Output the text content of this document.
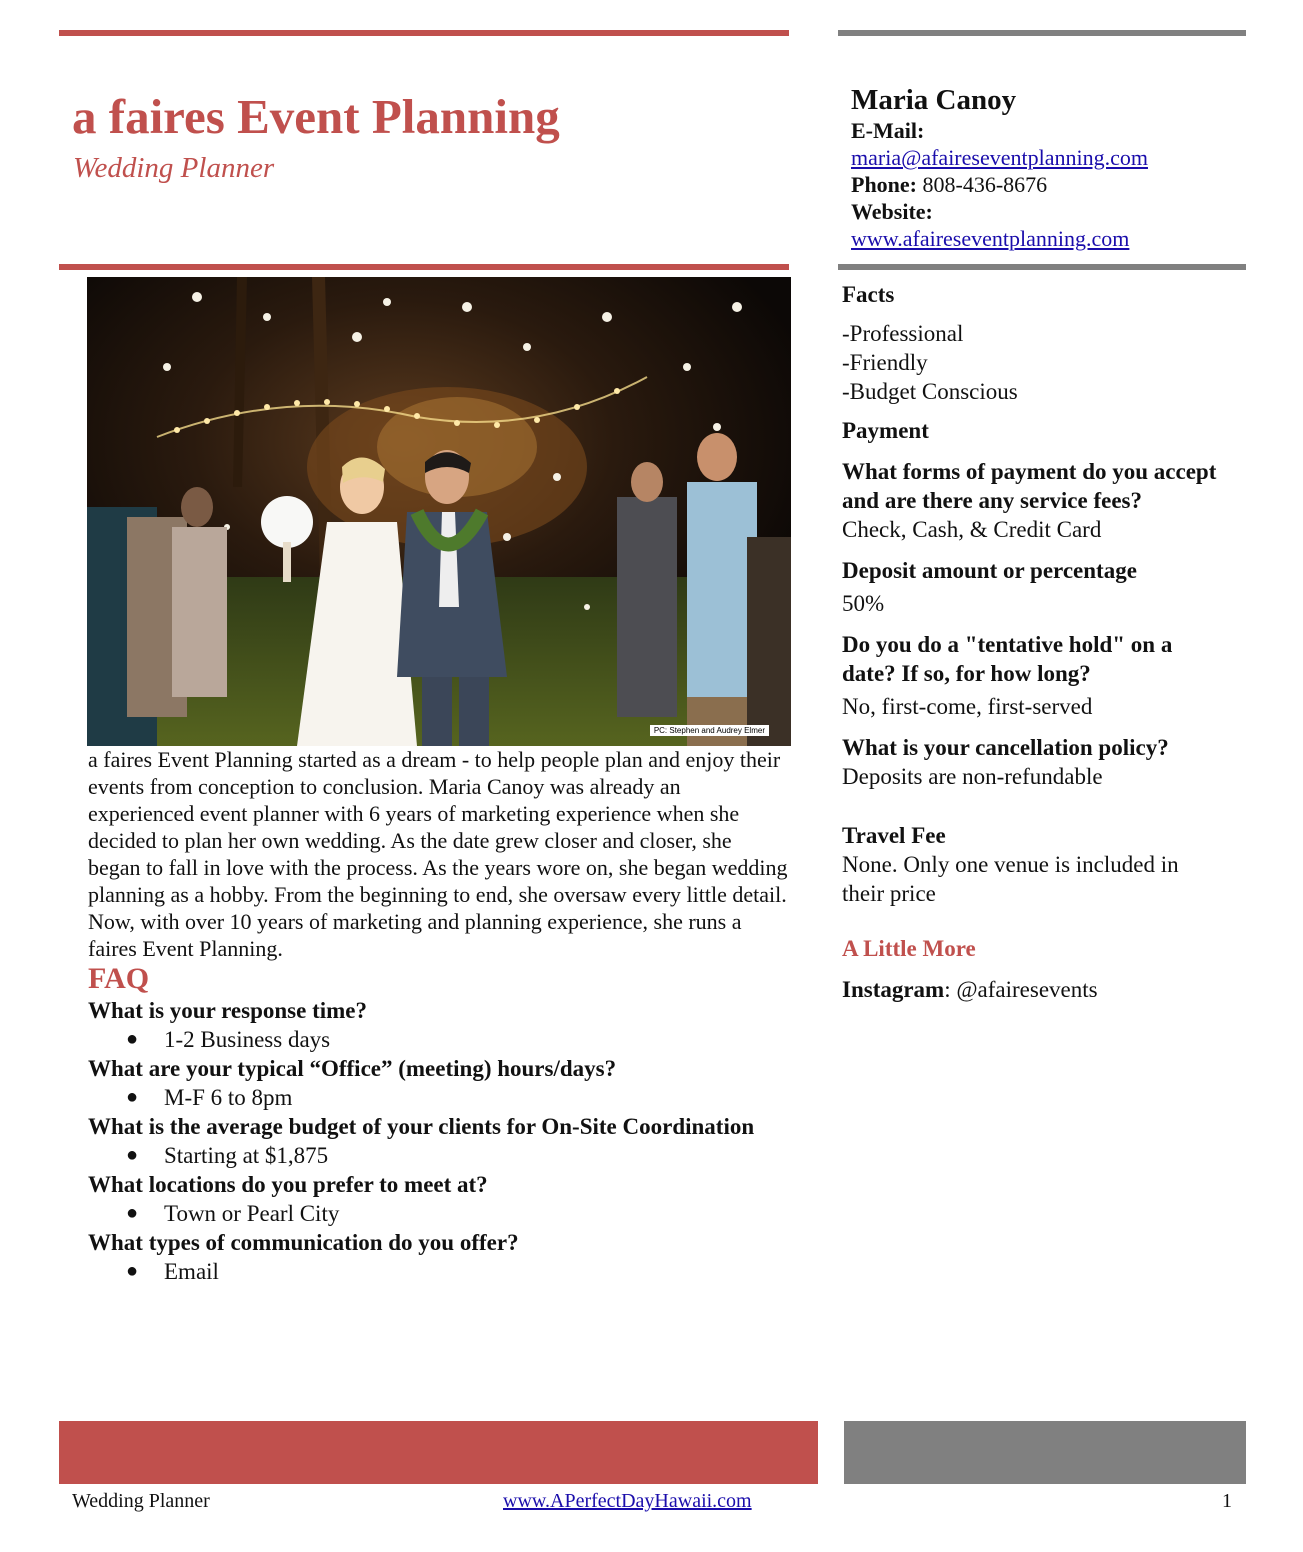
a faires Event Planning
Wedding Planner
Maria Canoy
E-Mail:
maria@afaireseventplanning.com
Phone: 808-436-8676
Website:
www.afaireseventplanning.com
PC: Stephen and Audrey Elmer

a faires Event Planning started as a dream - to help people plan and enjoy their events from conception to conclusion. Maria Canoy was already an experienced event planner with 6 years of marketing experience when she decided to plan her own wedding. As the date grew closer and closer, she began to fall in love with the process. As the years wore on, she began wedding planning as a hobby. From the beginning to end, she oversaw every little detail. Now, with over 10 years of marketing and planning experience, she runs a faires Event Planning.

FAQ

What is your response time?

●	1-2 Business days

What are your typical “Office” (meeting) hours/days?

●	M-F 6 to 8pm

What is the average budget of your clients for On-Site Coordination

●	Starting at $1,875

What locations do you prefer to meet at?

●	Town or Pearl City

What types of communication do you offer?

●	Email

Facts

-Professional

-Friendly

-Budget Conscious

Payment

What forms of payment do you accept and are there any service fees?

Check, Cash, & Credit Card

Deposit amount or percentage

50%

Do you do a "tentative hold" on a date? If so, for how long?

No, first-come, first-served

What is your cancellation policy?

Deposits are non-refundable

Travel Fee

None. Only one venue is included in their price

A Little More

Instagram: @afairesevents

Wedding Planner	www.APerfectDayHawaii.com	1
